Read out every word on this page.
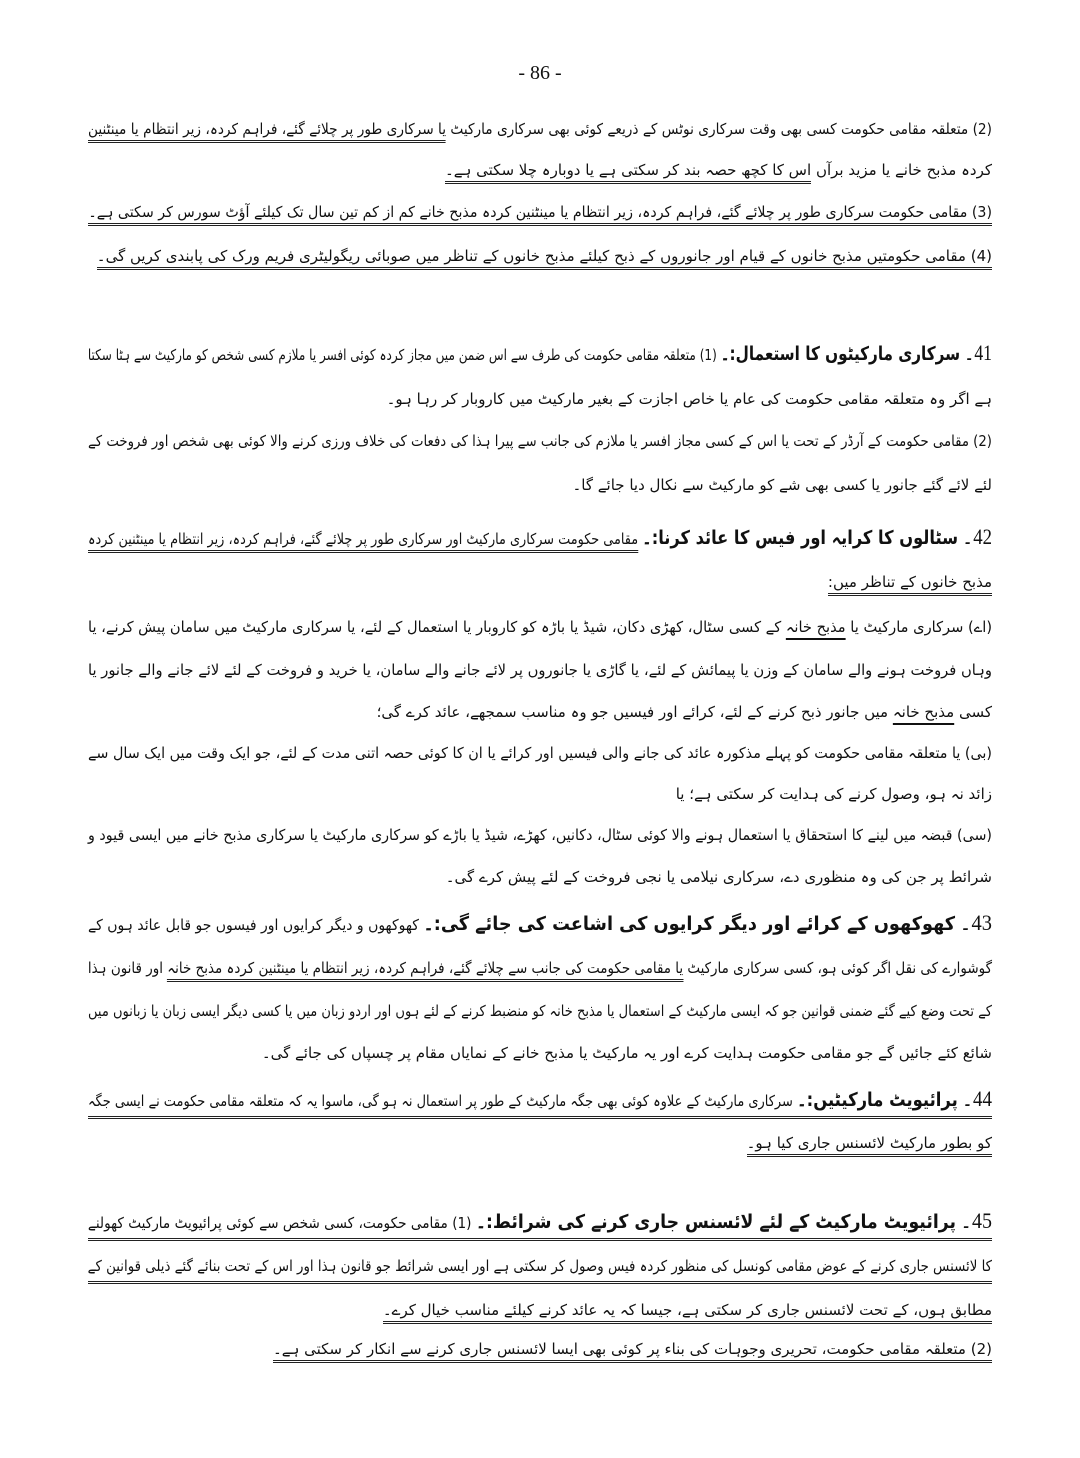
- 86 -
(2) متعلقہ مقامی حکومت کسی بھی وقت سرکاری نوٹس کے ذریعے کوئی بھی سرکاری مارکیٹ یا سرکاری طور پر چلائے گئے، فراہم کردہ، زیر انتظام یا مینٹنین
کردہ مذبح خانے یا مزید برآں اس کا کچھ حصہ بند کر سکتی ہے یا دوبارہ چلا سکتی ہے۔
(3) مقامی حکومت سرکاری طور پر چلائے گئے، فراہم کردہ، زیر انتظام یا مینٹنین کردہ مذبح خانے کم از کم تین سال تک کیلئے آؤٹ سورس کر سکتی ہے۔
(4) مقامی حکومتیں مذبح خانوں کے قیام اور جانوروں کے ذبح کیلئے مذبح خانوں کے تناظر میں صوبائی ریگولیٹری فریم ورک کی پابندی کریں گی۔
41۔ سرکاری مارکیٹوں کا استعمال:۔ (1) متعلقہ مقامی حکومت کی طرف سے اس ضمن میں مجاز کردہ کوئی افسر یا ملازم کسی شخص کو مارکیٹ سے ہٹا سکتا
ہے اگر وہ متعلقہ مقامی حکومت کی عام یا خاص اجازت کے بغیر مارکیٹ میں کاروبار کر رہا ہو۔
(2) مقامی حکومت کے آرڈر کے تحت یا اس کے کسی مجاز افسر یا ملازم کی جانب سے پیرا ہذا کی دفعات کی خلاف ورزی کرنے والا کوئی بھی شخص اور فروخت کے
لئے لائے گئے جانور یا کسی بھی شے کو مارکیٹ سے نکال دیا جائے گا۔
42۔ سٹالوں کا کرایہ اور فیس کا عائد کرنا:۔ مقامی حکومت سرکاری مارکیٹ اور سرکاری طور پر چلائے گئے، فراہم کردہ، زیر انتظام یا مینٹنین کردہ
مذبح خانوں کے تناظر میں:
(اے) سرکاری مارکیٹ یا مذبح خانہ کے کسی سٹال، کھڑی دکان، شیڈ یا باڑہ کو کاروبار یا استعمال کے لئے، یا سرکاری مارکیٹ میں سامان پیش کرنے، یا
وہاں فروخت ہونے والے سامان کے وزن یا پیمائش کے لئے، یا گاڑی یا جانوروں پر لائے جانے والے سامان، یا خرید و فروخت کے لئے لائے جانے والے جانور یا
کسی مذبح خانہ میں جانور ذبح کرنے کے لئے، کرائے اور فیسیں جو وہ مناسب سمجھے، عائد کرے گی؛
(بی) یا متعلقہ مقامی حکومت کو پہلے مذکورہ عائد کی جانے والی فیسیں اور کرائے یا ان کا کوئی حصہ اتنی مدت کے لئے، جو ایک وقت میں ایک سال سے
زائد نہ ہو، وصول کرنے کی ہدایت کر سکتی ہے؛ یا
(سی) قبضہ میں لینے کا استحقاق یا استعمال ہونے والا کوئی سٹال، دکانیں، کھڑے، شیڈ یا باڑے کو سرکاری مارکیٹ یا سرکاری مذبح خانے میں ایسی قیود و
شرائط پر جن کی وہ منظوری دے، سرکاری نیلامی یا نجی فروخت کے لئے پیش کرے گی۔
43۔ کھوکھوں کے کرائے اور دیگر کرایوں کی اشاعت کی جائے گی:۔ کھوکھوں و دیگر کرایوں اور فیسوں جو قابل عائد ہوں کے
گوشوارے کی نقل اگر کوئی ہو، کسی سرکاری مارکیٹ یا مقامی حکومت کی جانب سے چلائے گئے، فراہم کردہ، زیر انتظام یا مینٹنین کردہ مذبح خانہ اور قانون ہذا
کے تحت وضع کیے گئے ضمنی قوانین جو کہ ایسی مارکیٹ کے استعمال یا مذبح خانہ کو منضبط کرنے کے لئے ہوں اور اردو زبان میں یا کسی دیگر ایسی زبان یا زبانوں میں
شائع کئے جائیں گے جو مقامی حکومت ہدایت کرے اور یہ مارکیٹ یا مذبح خانے کے نمایاں مقام پر چسپاں کی جائے گی۔
44۔ پرائیویٹ مارکیٹیں:۔ سرکاری مارکیٹ کے علاوہ کوئی بھی جگہ مارکیٹ کے طور پر استعمال نہ ہو گی، ماسوا یہ کہ متعلقہ مقامی حکومت نے ایسی جگہ
کو بطور مارکیٹ لائسنس جاری کیا ہو۔
45۔ پرائیویٹ مارکیٹ کے لئے لائسنس جاری کرنے کی شرائط:۔ (1) مقامی حکومت، کسی شخص سے کوئی پرائیویٹ مارکیٹ کھولنے
کا لائسنس جاری کرنے کے عوض مقامی کونسل کی منظور کردہ فیس وصول کر سکتی ہے اور ایسی شرائط جو قانون ہذا اور اس کے تحت بنائے گئے ذیلی قوانین کے
مطابق ہوں، کے تحت لائسنس جاری کر سکتی ہے، جیسا کہ یہ عائد کرنے کیلئے مناسب خیال کرے۔
(2) متعلقہ مقامی حکومت، تحریری وجوہات کی بناء پر کوئی بھی ایسا لائسنس جاری کرنے سے انکار کر سکتی ہے۔
